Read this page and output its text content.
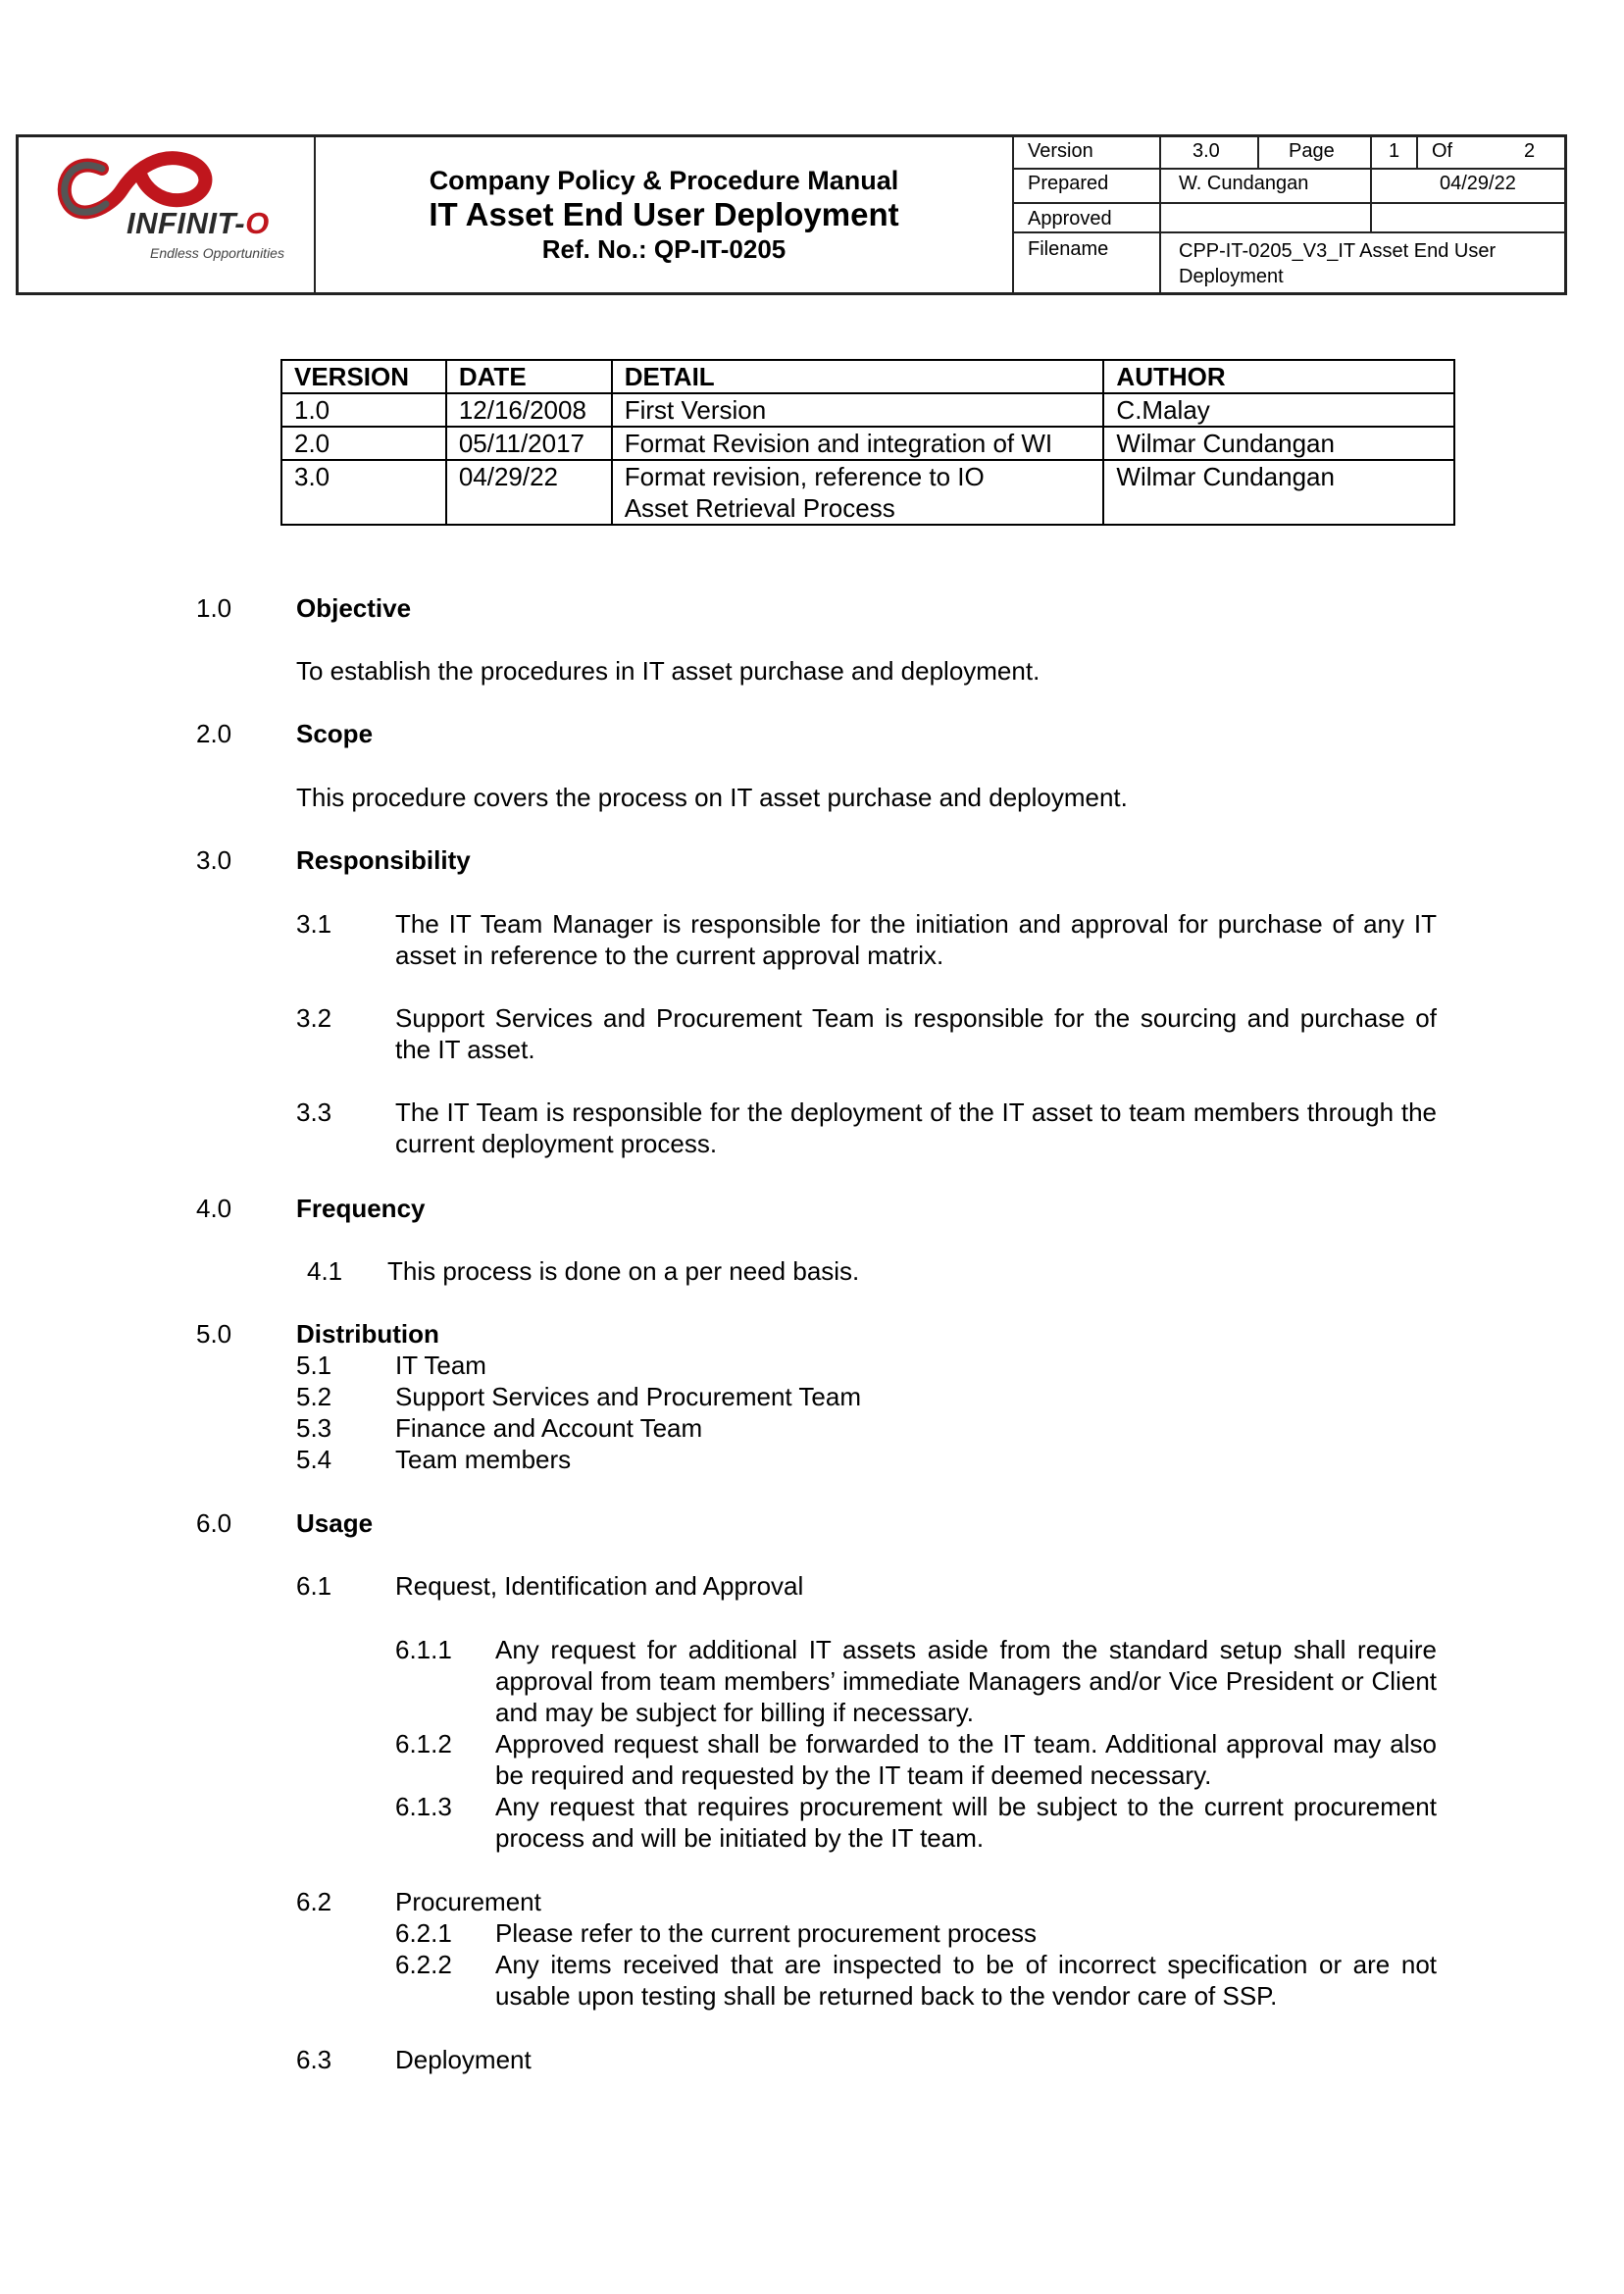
INFINIT-O
Endless Opportunities
Company Policy & Procedure Manual
IT Asset End User Deployment
Ref. No.: QP-IT-0205
Version	3.0	Page	1 Of	2
Prepared	W. Cundangan	04/29/22
Approved
Filename	CPP-IT-0205_V3_IT Asset End User Deployment
VERSION	DATE	DETAIL	AUTHOR
1.0	12/16/2008	First Version	C.Malay
2.0	05/11/2017	Format Revision and integration of WI	Wilmar Cundangan
3.0	04/29/22	Format revision, reference to IO Asset Retrieval Process	Wilmar Cundangan
1.0	Objective
To establish the procedures in IT asset purchase and deployment.
2.0	Scope
This procedure covers the process on IT asset purchase and deployment.
3.0	Responsibility
3.1 The IT Team Manager is responsible for the initiation and approval for purchase of any IT asset in reference to the current approval matrix.
3.2 Support Services and Procurement Team is responsible for the sourcing and purchase of the IT asset.
3.3 The IT Team is responsible for the deployment of the IT asset to team members through the current deployment process.
4.0	Frequency
4.1 This process is done on a per need basis.
5.0	Distribution
5.1 IT Team
5.2 Support Services and Procurement Team
5.3 Finance and Account Team
5.4 Team members
6.0	Usage
6.1 Request, Identification and Approval
6.1.1 Any request for additional IT assets aside from the standard setup shall require approval from team members’ immediate Managers and/or Vice President or Client and may be subject for billing if necessary.
6.1.2 Approved request shall be forwarded to the IT team. Additional approval may also be required and requested by the IT team if deemed necessary.
6.1.3 Any request that requires procurement will be subject to the current procurement process and will be initiated by the IT team.
6.2 Procurement
6.2.1 Please refer to the current procurement process
6.2.2 Any items received that are inspected to be of incorrect specification or are not usable upon testing shall be returned back to the vendor care of SSP.
6.3 Deployment
